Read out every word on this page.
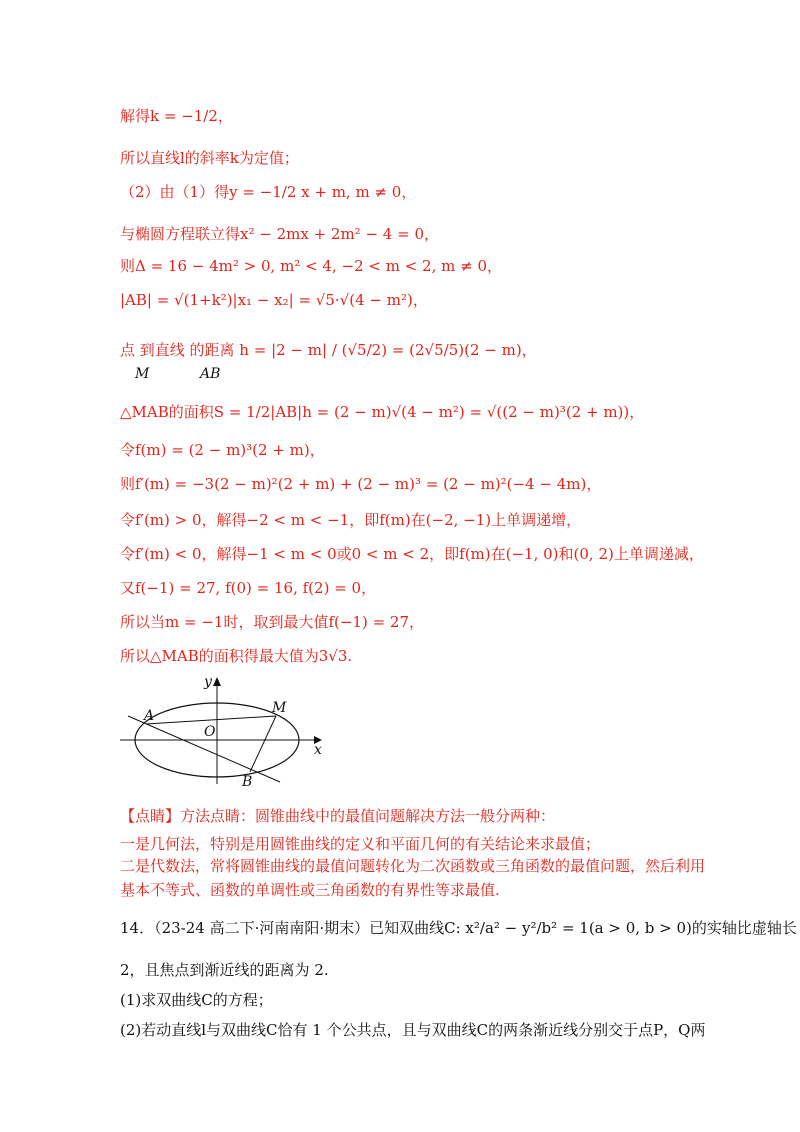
解得k = −1/2，
所以直线l的斜率k为定值；
（2）由（1）得y = −1/2 x + m, m ≠ 0，
与椭圆方程联立得x² − 2mx + 2m² − 4 = 0，
则Δ = 16 − 4m² > 0, m² < 4, −2 < m < 2, m ≠ 0，
|AB| = √(1+k²)|x₁ − x₂| = √5·√(4 − m²)，
点 到直线 的距离 h = |2 − m| / (√5/2) = (2√5/5)(2 − m)，
M	AB
△MAB的面积S = 1/2|AB|h = (2 − m)√(4 − m²) = √((2 − m)³(2 + m))，
令f(m) = (2 − m)³(2 + m)，
则f′(m) = −3(2 − m)²(2 + m) + (2 − m)³ = (2 − m)²(−4 − 4m)，
令f′(m) > 0，解得−2 < m < −1，即f(m)在(−2, −1)上单调递增，
令f′(m) < 0，解得−1 < m < 0或0 < m < 2，即f(m)在(−1, 0)和(0, 2)上单调递减，
又f(−1) = 27, f(0) = 16, f(2) = 0，
所以当m = −1时，取到最大值f(−1) = 27，
所以△MAB的面积得最大值为3√3.
y
x
O
A	M
B
【点睛】方法点睛：圆锥曲线中的最值问题解决方法一般分两种：
一是几何法，特别是用圆锥曲线的定义和平面几何的有关结论来求最值；
二是代数法，常将圆锥曲线的最值问题转化为二次函数或三角函数的最值问题，然后利用
基本不等式、函数的单调性或三角函数的有界性等求最值.
14．（23-24 高二下·河南南阳·期末）已知双曲线C: x²/a² − y²/b² = 1(a > 0, b > 0)的实轴比虚轴长
2，且焦点到渐近线的距离为 2.
(1)求双曲线C的方程；
(2)若动直线l与双曲线C恰有 1 个公共点，且与双曲线C的两条渐近线分别交于点P，Q两
